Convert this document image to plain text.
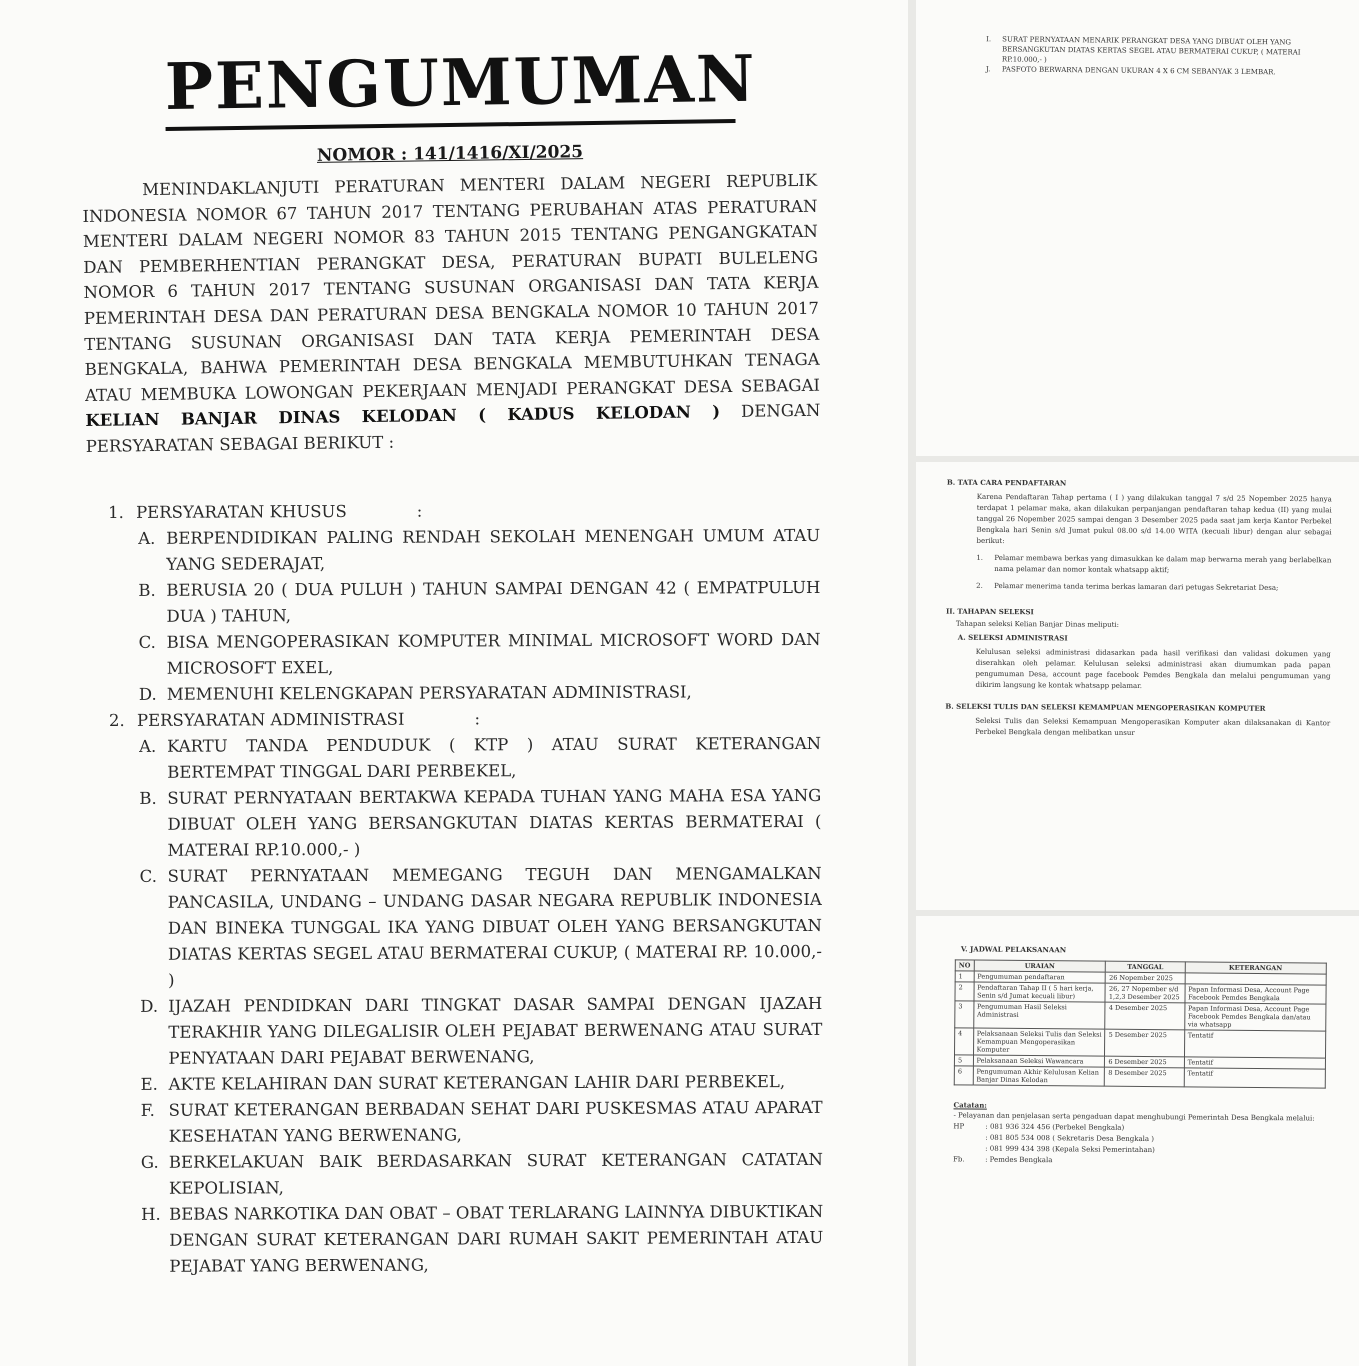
PENGUMUMAN
NOMOR : 141/1416/XI/2025
MENINDAKLANJUTI PERATURAN MENTERI DALAM NEGERI REPUBLIK INDONESIA NOMOR 67 TAHUN 2017 TENTANG PERUBAHAN ATAS PERATURAN MENTERI DALAM NEGERI NOMOR 83 TAHUN 2015 TENTANG PENGANGKATAN DAN PEMBERHENTIAN PERANGKAT DESA, PERATURAN BUPATI BULELENG NOMOR 6 TAHUN 2017 TENTANG SUSUNAN ORGANISASI DAN TATA KERJA PEMERINTAH DESA DAN PERATURAN DESA BENGKALA NOMOR 10 TAHUN 2017 TENTANG SUSUNAN ORGANISASI DAN TATA KERJA PEMERINTAH DESA BENGKALA, BAHWA PEMERINTAH DESA BENGKALA MEMBUTUHKAN TENAGA ATAU MEMBUKA LOWONGAN PEKERJAAN MENJADI PERANGKAT DESA SEBAGAI KELIAN BANJAR DINAS KELODAN ( KADUS KELODAN ) DENGAN PERSYARATAN SEBAGAI BERIKUT :
1. PERSYARATAN KHUSUS	:
A. BERPENDIDIKAN PALING RENDAH SEKOLAH MENENGAH UMUM ATAU YANG SEDERAJAT,
B. BERUSIA 20 ( DUA PULUH ) TAHUN SAMPAI DENGAN 42 ( EMPATPULUH DUA ) TAHUN,
C. BISA MENGOPERASIKAN KOMPUTER MINIMAL MICROSOFT WORD DAN MICROSOFT EXEL,
D. MEMENUHI KELENGKAPAN PERSYARATAN ADMINISTRASI,
2. PERSYARATAN ADMINISTRASI	:
A. KARTU TANDA PENDUDUK ( KTP ) ATAU SURAT KETERANGAN BERTEMPAT TINGGAL DARI PERBEKEL,
B. SURAT PERNYATAAN BERTAKWA KEPADA TUHAN YANG MAHA ESA YANG DIBUAT OLEH YANG BERSANGKUTAN DIATAS KERTAS BERMATERAI ( MATERAI RP.10.000,- )
C. SURAT PERNYATAAN MEMEGANG TEGUH DAN MENGAMALKAN PANCASILA, UNDANG – UNDANG DASAR NEGARA REPUBLIK INDONESIA DAN BINEKA TUNGGAL IKA YANG DIBUAT OLEH YANG BERSANGKUTAN DIATAS KERTAS SEGEL ATAU BERMATERAI CUKUP, ( MATERAI RP. 10.000,- )
D. IJAZAH PENDIDKAN DARI TINGKAT DASAR SAMPAI DENGAN IJAZAH TERAKHIR YANG DILEGALISIR OLEH PEJABAT BERWENANG ATAU SURAT PENYATAAN DARI PEJABAT BERWENANG,
E. AKTE KELAHIRAN DAN SURAT KETERANGAN LAHIR DARI PERBEKEL,
F. SURAT KETERANGAN BERBADAN SEHAT DARI PUSKESMAS ATAU APARAT KESEHATAN YANG BERWENANG,
G. BERKELAKUAN BAIK BERDASARKAN SURAT KETERANGAN CATATAN KEPOLISIAN,
H. BEBAS NARKOTIKA DAN OBAT – OBAT TERLARANG LAINNYA DIBUKTIKAN DENGAN SURAT KETERANGAN DARI RUMAH SAKIT PEMERINTAH ATAU PEJABAT YANG BERWENANG,
I.	SURAT PERNYATAAN MENARIK PERANGKAT DESA YANG DIBUAT OLEH YANG BERSANGKUTAN DIATAS KERTAS SEGEL ATAU BERMATERAI CUKUP, ( MATERAI RP.10.000,- )
J.	PASFOTO BERWARNA DENGAN UKURAN 4 X 6 CM SEBANYAK 3 LEMBAR.
B. TATA CARA PENDAFTARAN
Karena Pendaftaran Tahap pertama ( I ) yang dilakukan tanggal 7 s/d 25 Nopember 2025 hanya terdapat 1 pelamar maka, akan dilakukan perpanjangan pendaftaran tahap kedua (II) yang mulai tanggal 26 Nopember 2025 sampai dengan 3 Desember 2025 pada saat jam kerja Kantor Perbekel Bengkala hari Senin s/d Jumat pukul 08.00 s/d 14.00 WITA (kecuali libur) dengan alur sebagai berikut:
1.	Pelamar membawa berkas yang dimasukkan ke dalam map berwarna merah yang berlabelkan nama pelamar dan nomor kontak whatsapp aktif;
2.	Pelamar menerima tanda terima berkas lamaran dari petugas Sekretariat Desa;
II. TAHAPAN SELEKSI
Tahapan seleksi Kelian Banjar Dinas meliputi:
A. SELEKSI ADMINISTRASI
Kelulusan seleksi administrasi didasarkan pada hasil verifikasi dan validasi dokumen yang diserahkan oleh pelamar. Kelulusan seleksi administrasi akan diumumkan pada papan pengumuman Desa, account page facebook Pemdes Bengkala dan melalui pengumuman yang dikirim langsung ke kontak whatsapp pelamar.
B. SELEKSI TULIS DAN SELEKSI KEMAMPUAN MENGOPERASIKAN KOMPUTER
Seleksi Tulis dan Seleksi Kemampuan Mengoperasikan Komputer akan dilaksanakan di Kantor Perbekel Bengkala dengan melibatkan unsur
V. JADWAL PELAKSANAAN
NO	URAIAN	TANGGAL	KETERANGAN
1	Pengumuman pendaftaran	26 Nopember 2025	
2	Pendaftaran Tahap II ( 5 hari kerja, Senin s/d Jumat kecuali libur)	26, 27 Nopember s/d 1,2,3 Desember 2025	Papan Informasi Desa, Account Page Facebook Pemdes Bengkala
3	Pengumuman Hasil Seleksi Administrasi	4 Desember 2025	Papan Informasi Desa, Account Page Facebook Pemdes Bengkala dan/atau via whatsapp
4	Pelaksanaan Seleksi Tulis dan Seleksi Kemampuan Mengoperasikan Komputer	5 Desember 2025	Tentatif
5	Pelaksanaan Seleksi Wawancara	6 Desember 2025	Tentatif
6	Pengumuman Akhir Kelulusan Kelian Banjar Dinas Kelodan	8 Desember 2025	Tentatif
Catatan:
- Pelayanan dan penjelasan serta pengaduan dapat menghubungi Pemerintah Desa Bengkala melalui:
HP	: 081 936 324 456 (Perbekel Bengkala)
: 081 805 534 008 ( Sekretaris Desa Bengkala )
: 081 999 434 398 (Kepala Seksi Pemerintahan)
Fb.	: Pemdes Bengkala
